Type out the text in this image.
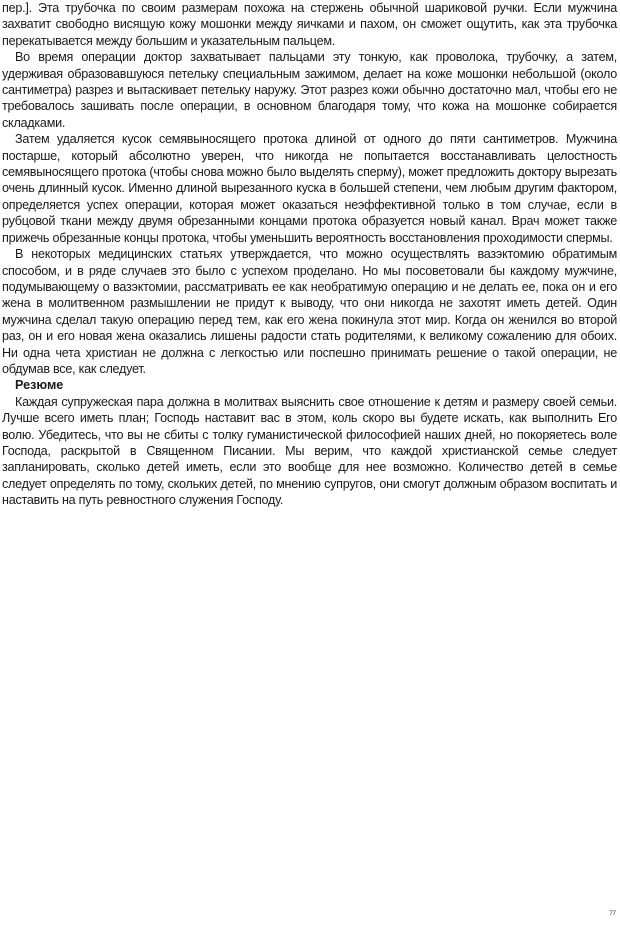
пер.]. Эта трубочка по своим размерам похожа на стержень обычной шариковой ручки. Если мужчина захватит свободно висящую кожу мошонки между яичками и пахом, он сможет ощутить, как эта трубочка перекатывается между большим и указательным пальцем.

Во время операции доктор захватывает пальцами эту тонкую, как проволока, трубочку, а затем, удерживая образовавшуюся петельку специальным зажимом, делает на коже мошонки небольшой (около сантиметра) разрез и вытаскивает петельку наружу. Этот разрез кожи обычно достаточно мал, чтобы его не требовалось зашивать после операции, в основном благодаря тому, что кожа на мошонке собирается складками.

Затем удаляется кусок семявыносящего протока длиной от одного до пяти сантиметров. Мужчина постарше, который абсолютно уверен, что никогда не попытается восстанавливать целостность семявыносящего протока (чтобы снова можно было выделять сперму), может предложить доктору вырезать очень длинный кусок. Именно длиной вырезанного куска в большей степени, чем любым другим фактором, определяется успех операции, которая может оказаться неэффективной только в том случае, если в рубцовой ткани между двумя обрезанными концами протока образуется новый канал. Врач может также прижечь обрезанные концы протока, чтобы уменьшить вероятность восстановления проходимости спермы.

В некоторых медицинских статьях утверждается, что можно осуществлять вазэктомию обратимым способом, и в ряде случаев это было с успехом проделано. Но мы посоветовали бы каждому мужчине, подумывающему о вазэктомии, рассматривать ее как необратимую операцию и не делать ее, пока он и его жена в молитвенном размышлении не придут к выводу, что они никогда не захотят иметь детей. Один мужчина сделал такую операцию перед тем, как его жена покинула этот мир. Когда он женился во второй раз, он и его новая жена оказались лишены радости стать родителями, к великому сожалению для обоих. Ни одна чета христиан не должна с легкостью или поспешно принимать решение о такой операции, не обдумав все, как следует.

Резюме

Каждая супружеская пара должна в молитвах выяснить свое отношение к детям и размеру своей семьи. Лучше всего иметь план; Господь наставит вас в этом, коль скоро вы будете искать, как выполнить Его волю. Убедитесь, что вы не сбиты с толку гуманистической философией наших дней, но покоряетесь воле Господа, раскрытой в Священном Писании. Мы верим, что каждой христианской семье следует запланировать, сколько детей иметь, если это вообще для нее возможно. Количество детей в семье следует определять по тому, скольких детей, по мнению супругов, они смогут должным образом воспитать и наставить на путь ревностного служения Господу.

77
